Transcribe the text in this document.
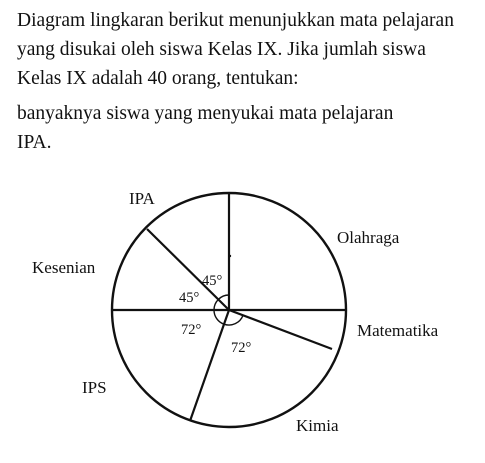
Diagram lingkaran berikut menunjukkan mata pelajaran
yang disukai oleh siswa Kelas IX. Jika jumlah siswa
Kelas IX adalah 40 orang, tentukan:
banyaknya siswa yang menyukai mata pelajaran
IPA.
IPA
Olahraga
Matematika
Kimia
IPS
Kesenian
45°
45°
72°
72°
